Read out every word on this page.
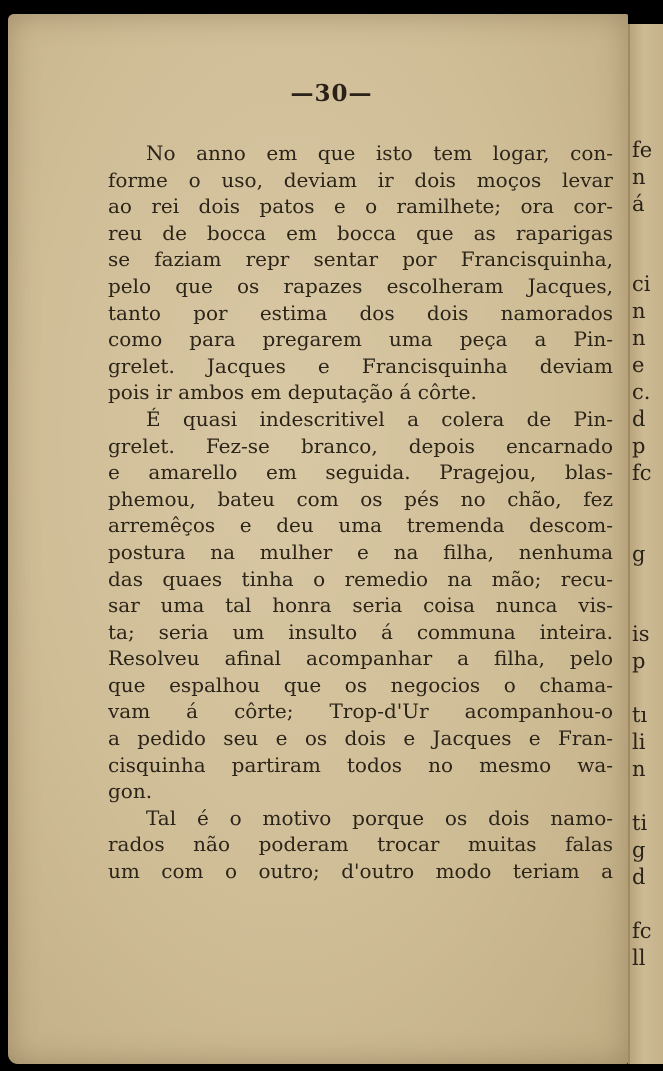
fe
n
á
ci
n
n
e
c.
d
p
fc
g
is
p
tı
li
n
ti
g
d
fc
ll
—30—
No anno em que isto tem logar, con-
forme o uso, deviam ir dois moços levar
ao rei dois patos e o ramilhete; ora cor-
reu de bocca em bocca que as raparigas
se faziam repr sentar por Francisquinha,
pelo que os rapazes escolheram Jacques,
tanto por estima dos dois namorados
como para pregarem uma peça a Pin-
grelet. Jacques e Francisquinha deviam
pois ir ambos em deputação á côrte.
É quasi indescritivel a colera de Pin-
grelet. Fez-se branco, depois encarnado
e amarello em seguida. Pragejou, blas-
phemou, bateu com os pés no chão, fez
arremêços e deu uma tremenda descom-
postura na mulher e na filha, nenhuma
das quaes tinha o remedio na mão; recu-
sar uma tal honra seria coisa nunca vis-
ta; seria um insulto á communa inteira.
Resolveu afinal acompanhar a filha, pelo
que espalhou que os negocios o chama-
vam á côrte; Trop-d'Ur acompanhou-o
a pedido seu e os dois e Jacques e Fran-
cisquinha partiram todos no mesmo wa-
gon.
Tal é o motivo porque os dois namo-
rados não poderam trocar muitas falas
um com o outro; d'outro modo teriam a
